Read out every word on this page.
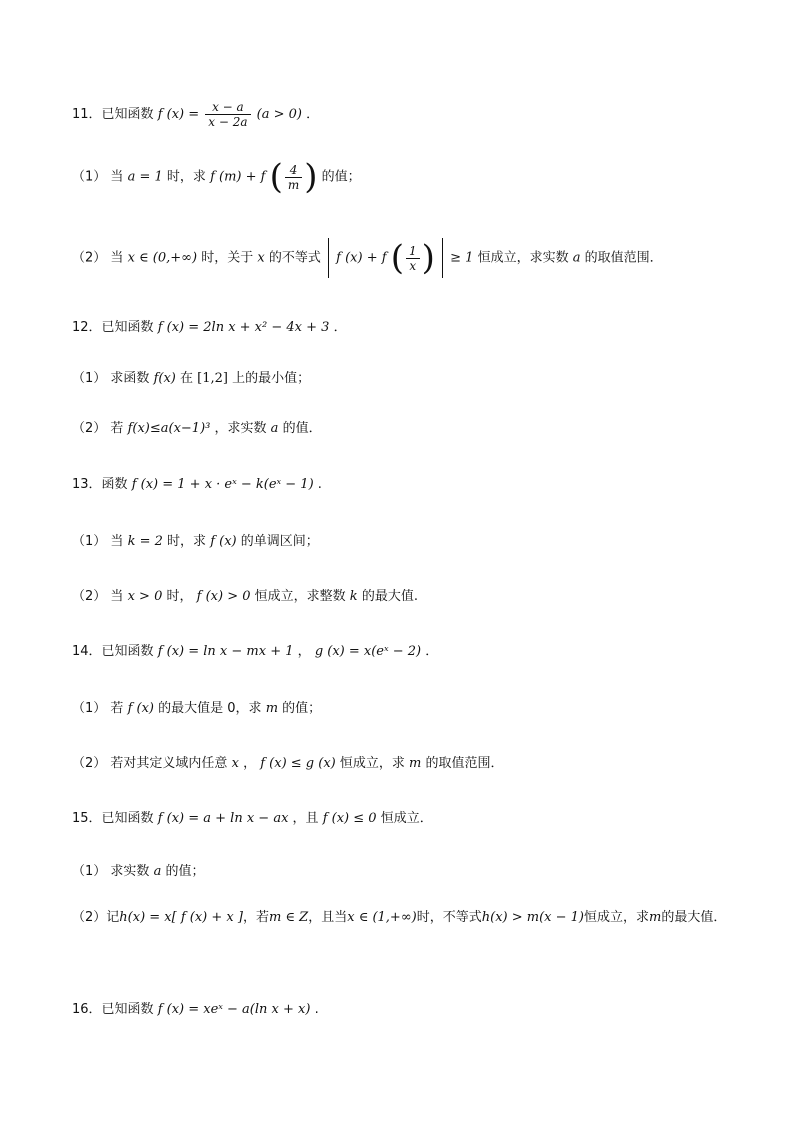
11．已知函数 f $(x) = \frac{x - a}{x - 2a} (a > 0)$ ．
（1） 当 a = 1 时，求 f (m) + f ( $\frac{4}{m}$ ) 的值；
（2） 当 x ∈ (0,+∞) 时，关于 x 的不等式 f (x) + f ( $\frac{1}{x}$ ) ≥ 1 恒成立，求实数 a 的取值范围．
12．已知函数 f (x) = 2ln x + x² − 4x + 3 ．
（1） 求函数 f(x) 在 [1,2] 上的最小值；
（2） 若 f(x)≤a(x−1)³ ，求实数 a 的值．
13．函数 f (x) = 1 + x · eˣ − k(eˣ − 1) .
（1） 当 k = 2 时，求 f (x) 的单调区间；
（2） 当 x > 0 时， f (x) > 0 恒成立，求整数 k 的最大值.
14．已知函数 f (x) = ln x − mx + 1 ， g (x) = x(eˣ − 2) ．
（1） 若 f (x) 的最大值是 0，求 m 的值；
（2） 若对其定义域内任意 x ， f (x) ≤ g (x) 恒成立，求 m 的取值范围．
15．已知函数 f (x) = a + ln x − ax ，且 f (x) ≤ 0 恒成立．
（1） 求实数 a 的值；
（2）记h(x) = x[ f (x) + x ]，若m ∈ Z，且当x ∈ (1,+∞)时，不等式h(x) > m(x − 1)恒成立，求m的最大值．
16．已知函数 f (x) = xeˣ − a(ln x + x) .
